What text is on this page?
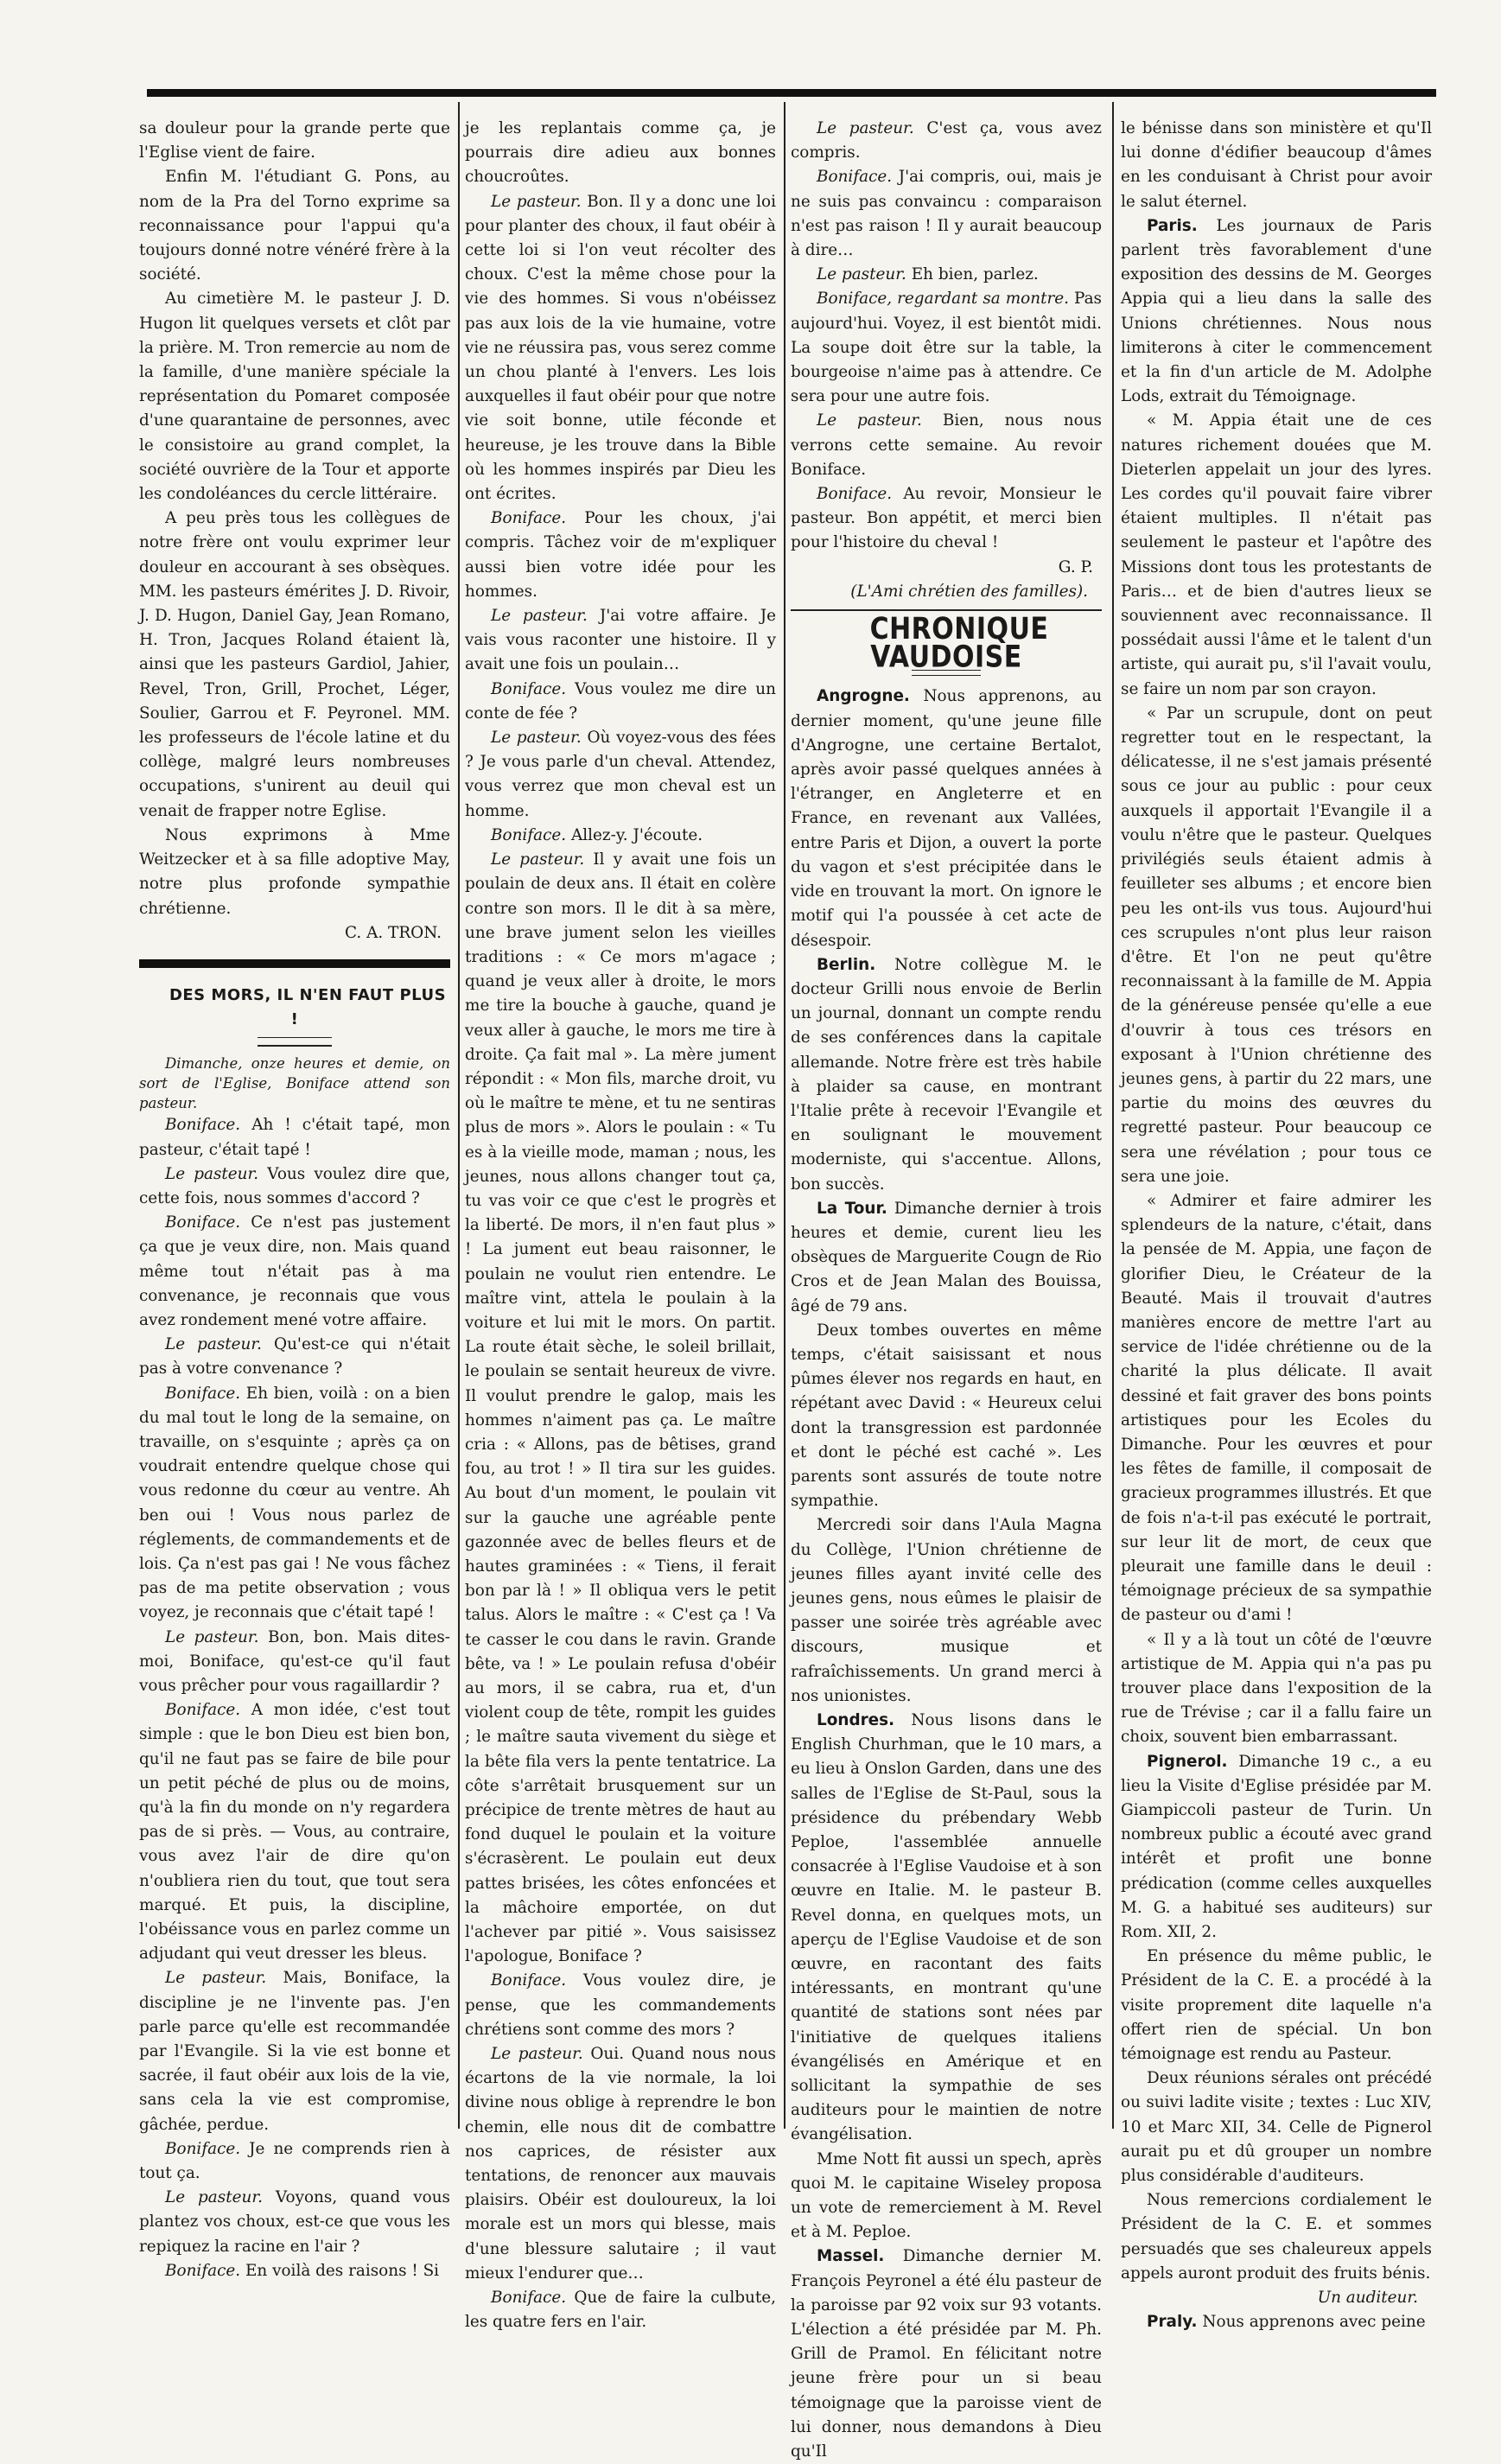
sa douleur pour la grande perte que l'Eglise vient de faire.

Enfin M. l'étudiant G. Pons, au nom de la Pra del Torno exprime sa reconnaissance pour l'appui qu'a toujours donné notre vénéré frère à la société.

Au cimetière M. le pasteur J. D. Hugon lit quelques versets et clôt par la prière. M. Tron remercie au nom de la famille, d'une manière spéciale la représentation du Pomaret composée d'une quarantaine de personnes, avec le consistoire au grand complet, la société ouvrière de la Tour et apporte les condoléances du cercle littéraire.

A peu près tous les collègues de notre frère ont voulu exprimer leur douleur en accourant à ses obsèques. MM. les pasteurs émérites J. D. Rivoir, J. D. Hugon, Daniel Gay, Jean Romano, H. Tron, Jacques Roland étaient là, ainsi que les pasteurs Gardiol, Jahier, Revel, Tron, Grill, Prochet, Léger, Soulier, Garrou et F. Peyronel. MM. les professeurs de l'école latine et du collège, malgré leurs nombreuses occupations, s'unirent au deuil qui venait de frapper notre Eglise.

Nous exprimons à Mme Weitzecker et à sa fille adoptive May, notre plus profonde sympathie chrétienne.

C. A. TRON.

DES MORS, IL N'EN FAUT PLUS !

Dimanche, onze heures et demie, on sort de l'Eglise, Boniface attend son pasteur.

Boniface. Ah ! c'était tapé, mon pasteur, c'était tapé !

Le pasteur. Vous voulez dire que, cette fois, nous sommes d'accord ?

Boniface. Ce n'est pas justement ça que je veux dire, non. Mais quand même tout n'était pas à ma convenance, je reconnais que vous avez rondement mené votre affaire.

Le pasteur. Qu'est-ce qui n'était pas à votre convenance ?

Boniface. Eh bien, voilà : on a bien du mal tout le long de la semaine, on travaille, on s'esquinte ; après ça on voudrait entendre quelque chose qui vous redonne du cœur au ventre. Ah ben oui ! Vous nous parlez de réglements, de commandements et de lois. Ça n'est pas gai ! Ne vous fâchez pas de ma petite observation ; vous voyez, je reconnais que c'était tapé !

Le pasteur. Bon, bon. Mais dites-moi, Boniface, qu'est-ce qu'il faut vous prêcher pour vous ragaillardir ?

Boniface. A mon idée, c'est tout simple : que le bon Dieu est bien bon, qu'il ne faut pas se faire de bile pour un petit péché de plus ou de moins, qu'à la fin du monde on n'y regardera pas de si près. — Vous, au contraire, vous avez l'air de dire qu'on n'oubliera rien du tout, que tout sera marqué. Et puis, la discipline, l'obéissance vous en parlez comme un adjudant qui veut dresser les bleus.

Le pasteur. Mais, Boniface, la discipline je ne l'invente pas. J'en parle parce qu'elle est recommandée par l'Evangile. Si la vie est bonne et sacrée, il faut obéir aux lois de la vie, sans cela la vie est compromise, gâchée, perdue.

Boniface. Je ne comprends rien à tout ça.

Le pasteur. Voyons, quand vous plantez vos choux, est-ce que vous les repiquez la racine en l'air ?

Boniface. En voilà des raisons ! Si

je les replantais comme ça, je pourrais dire adieu aux bonnes choucroûtes.

Le pasteur. Bon. Il y a donc une loi pour planter des choux, il faut obéir à cette loi si l'on veut récolter des choux. C'est la même chose pour la vie des hommes. Si vous n'obéissez pas aux lois de la vie humaine, votre vie ne réussira pas, vous serez comme un chou planté à l'envers. Les lois auxquelles il faut obéir pour que notre vie soit bonne, utile féconde et heureuse, je les trouve dans la Bible où les hommes inspirés par Dieu les ont écrites.

Boniface. Pour les choux, j'ai compris. Tâchez voir de m'expliquer aussi bien votre idée pour les hommes.

Le pasteur. J'ai votre affaire. Je vais vous raconter une histoire. Il y avait une fois un poulain…

Boniface. Vous voulez me dire un conte de fée ?

Le pasteur. Où voyez-vous des fées ? Je vous parle d'un cheval. Attendez, vous verrez que mon cheval est un homme.

Boniface. Allez-y. J'écoute.

Le pasteur. Il y avait une fois un poulain de deux ans. Il était en colère contre son mors. Il le dit à sa mère, une brave jument selon les vieilles traditions : « Ce mors m'agace ; quand je veux aller à droite, le mors me tire la bouche à gauche, quand je veux aller à gauche, le mors me tire à droite. Ça fait mal ». La mère jument répondit : « Mon fils, marche droit, vu où le maître te mène, et tu ne sentiras plus de mors ». Alors le poulain : « Tu es à la vieille mode, maman ; nous, les jeunes, nous allons changer tout ça, tu vas voir ce que c'est le progrès et la liberté. De mors, il n'en faut plus » ! La jument eut beau raisonner, le poulain ne voulut rien entendre. Le maître vint, attela le poulain à la voiture et lui mit le mors. On partit. La route était sèche, le soleil brillait, le poulain se sentait heureux de vivre. Il voulut prendre le galop, mais les hommes n'aiment pas ça. Le maître cria : « Allons, pas de bêtises, grand fou, au trot ! » Il tira sur les guides. Au bout d'un moment, le poulain vit sur la gauche une agréable pente gazonnée avec de belles fleurs et de hautes graminées : « Tiens, il ferait bon par là ! » Il obliqua vers le petit talus. Alors le maître : « C'est ça ! Va te casser le cou dans le ravin. Grande bête, va ! » Le poulain refusa d'obéir au mors, il se cabra, rua et, d'un violent coup de tête, rompit les guides ; le maître sauta vivement du siège et la bête fila vers la pente tentatrice. La côte s'arrêtait brusquement sur un précipice de trente mètres de haut au fond duquel le poulain et la voiture s'écrasèrent. Le poulain eut deux pattes brisées, les côtes enfoncées et la mâchoire emportée, on dut l'achever par pitié ». Vous saisissez l'apologue, Boniface ?

Boniface. Vous voulez dire, je pense, que les commandements chrétiens sont comme des mors ?

Le pasteur. Oui. Quand nous nous écartons de la vie normale, la loi divine nous oblige à reprendre le bon chemin, elle nous dit de combattre nos caprices, de résister aux tentations, de renoncer aux mauvais plaisirs. Obéir est douloureux, la loi morale est un mors qui blesse, mais d'une blessure salutaire ; il vaut mieux l'endurer que…

Boniface. Que de faire la culbute, les quatre fers en l'air.

Le pasteur. C'est ça, vous avez compris.

Boniface. J'ai compris, oui, mais je ne suis pas convaincu : comparaison n'est pas raison ! Il y aurait beaucoup à dire…

Le pasteur. Eh bien, parlez.

Boniface, regardant sa montre. Pas aujourd'hui. Voyez, il est bientôt midi. La soupe doit être sur la table, la bourgeoise n'aime pas à attendre. Ce sera pour une autre fois.

Le pasteur. Bien, nous nous verrons cette semaine. Au revoir Boniface.

Boniface. Au revoir, Monsieur le pasteur. Bon appétit, et merci bien pour l'histoire du cheval !

G. P.

(L'Ami chrétien des familles).

CHRONIQUE VAUDOISE

Angrogne. Nous apprenons, au dernier moment, qu'une jeune fille d'Angrogne, une certaine Bertalot, après avoir passé quelques années à l'étranger, en Angleterre et en France, en revenant aux Vallées, entre Paris et Dijon, a ouvert la porte du vagon et s'est précipitée dans le vide en trouvant la mort. On ignore le motif qui l'a poussée à cet acte de désespoir.

Berlin. Notre collègue M. le docteur Grilli nous envoie de Berlin un journal, donnant un compte rendu de ses conférences dans la capitale allemande. Notre frère est très habile à plaider sa cause, en montrant l'Italie prête à recevoir l'Evangile et en soulignant le mouvement moderniste, qui s'accentue. Allons, bon succès.

La Tour. Dimanche dernier à trois heures et demie, curent lieu les obsèques de Marguerite Cougn de Rio Cros et de Jean Malan des Bouissa, âgé de 79 ans.

Deux tombes ouvertes en même temps, c'était saisissant et nous pûmes élever nos regards en haut, en répétant avec David : « Heureux celui dont la transgression est pardonnée et dont le péché est caché ». Les parents sont assurés de toute notre sympathie.

Mercredi soir dans l'Aula Magna du Collège, l'Union chrétienne de jeunes filles ayant invité celle des jeunes gens, nous eûmes le plaisir de passer une soirée très agréable avec discours, musique et rafraîchissements. Un grand merci à nos unionistes.

Londres. Nous lisons dans le English Churhman, que le 10 mars, a eu lieu à Onslon Garden, dans une des salles de l'Eglise de St-Paul, sous la présidence du prébendary Webb Peploe, l'assemblée annuelle consacrée à l'Eglise Vaudoise et à son œuvre en Italie. M. le pasteur B. Revel donna, en quelques mots, un aperçu de l'Eglise Vaudoise et de son œuvre, en racontant des faits intéressants, en montrant qu'une quantité de stations sont nées par l'initiative de quelques italiens évangélisés en Amérique et en sollicitant la sympathie de ses auditeurs pour le maintien de notre évangélisation.

Mme Nott fit aussi un spech, après quoi M. le capitaine Wiseley proposa un vote de remerciement à M. Revel et à M. Peploe.

Massel. Dimanche dernier M. François Peyronel a été élu pasteur de la paroisse par 92 voix sur 93 votants. L'élection a été présidée par M. Ph. Grill de Pramol. En félicitant notre jeune frère pour un si beau témoignage que la paroisse vient de lui donner, nous demandons à Dieu qu'Il

le bénisse dans son ministère et qu'Il lui donne d'édifier beaucoup d'âmes en les conduisant à Christ pour avoir le salut éternel.

Paris. Les journaux de Paris parlent très favorablement d'une exposition des dessins de M. Georges Appia qui a lieu dans la salle des Unions chrétiennes. Nous nous limiterons à citer le commencement et la fin d'un article de M. Adolphe Lods, extrait du Témoignage.

« M. Appia était une de ces natures richement douées que M. Dieterlen appelait un jour des lyres. Les cordes qu'il pouvait faire vibrer étaient multiples. Il n'était pas seulement le pasteur et l'apôtre des Missions dont tous les protestants de Paris… et de bien d'autres lieux se souviennent avec reconnaissance. Il possédait aussi l'âme et le talent d'un artiste, qui aurait pu, s'il l'avait voulu, se faire un nom par son crayon.

« Par un scrupule, dont on peut regretter tout en le respectant, la délicatesse, il ne s'est jamais présenté sous ce jour au public : pour ceux auxquels il apportait l'Evangile il a voulu n'être que le pasteur. Quelques privilégiés seuls étaient admis à feuilleter ses albums ; et encore bien peu les ont-ils vus tous. Aujourd'hui ces scrupules n'ont plus leur raison d'être. Et l'on ne peut qu'être reconnaissant à la famille de M. Appia de la généreuse pensée qu'elle a eue d'ouvrir à tous ces trésors en exposant à l'Union chrétienne des jeunes gens, à partir du 22 mars, une partie du moins des œuvres du regretté pasteur. Pour beaucoup ce sera une révélation ; pour tous ce sera une joie.

« Admirer et faire admirer les splendeurs de la nature, c'était, dans la pensée de M. Appia, une façon de glorifier Dieu, le Créateur de la Beauté. Mais il trouvait d'autres manières encore de mettre l'art au service de l'idée chrétienne ou de la charité la plus délicate. Il avait dessiné et fait graver des bons points artistiques pour les Ecoles du Dimanche. Pour les œuvres et pour les fêtes de famille, il composait de gracieux programmes illustrés. Et que de fois n'a-t-il pas exécuté le portrait, sur leur lit de mort, de ceux que pleurait une famille dans le deuil : témoignage précieux de sa sympathie de pasteur ou d'ami !

« Il y a là tout un côté de l'œuvre artistique de M. Appia qui n'a pas pu trouver place dans l'exposition de la rue de Trévise ; car il a fallu faire un choix, souvent bien embarrassant.

Pignerol. Dimanche 19 c., a eu lieu la Visite d'Eglise présidée par M. Giampiccoli pasteur de Turin. Un nombreux public a écouté avec grand intérêt et profit une bonne prédication (comme celles auxquelles M. G. a habitué ses auditeurs) sur Rom. XII, 2.

En présence du même public, le Président de la C. E. a procédé à la visite proprement dite laquelle n'a offert rien de spécial. Un bon témoignage est rendu au Pasteur.

Deux réunions sérales ont précédé ou suivi ladite visite ; textes : Luc XIV, 10 et Marc XII, 34. Celle de Pignerol aurait pu et dû grouper un nombre plus considérable d'auditeurs.

Nous remercions cordialement le Président de la C. E. et sommes persuadés que ses chaleureux appels appels auront produit des fruits bénis.

Un auditeur.

Praly. Nous apprenons avec peine
